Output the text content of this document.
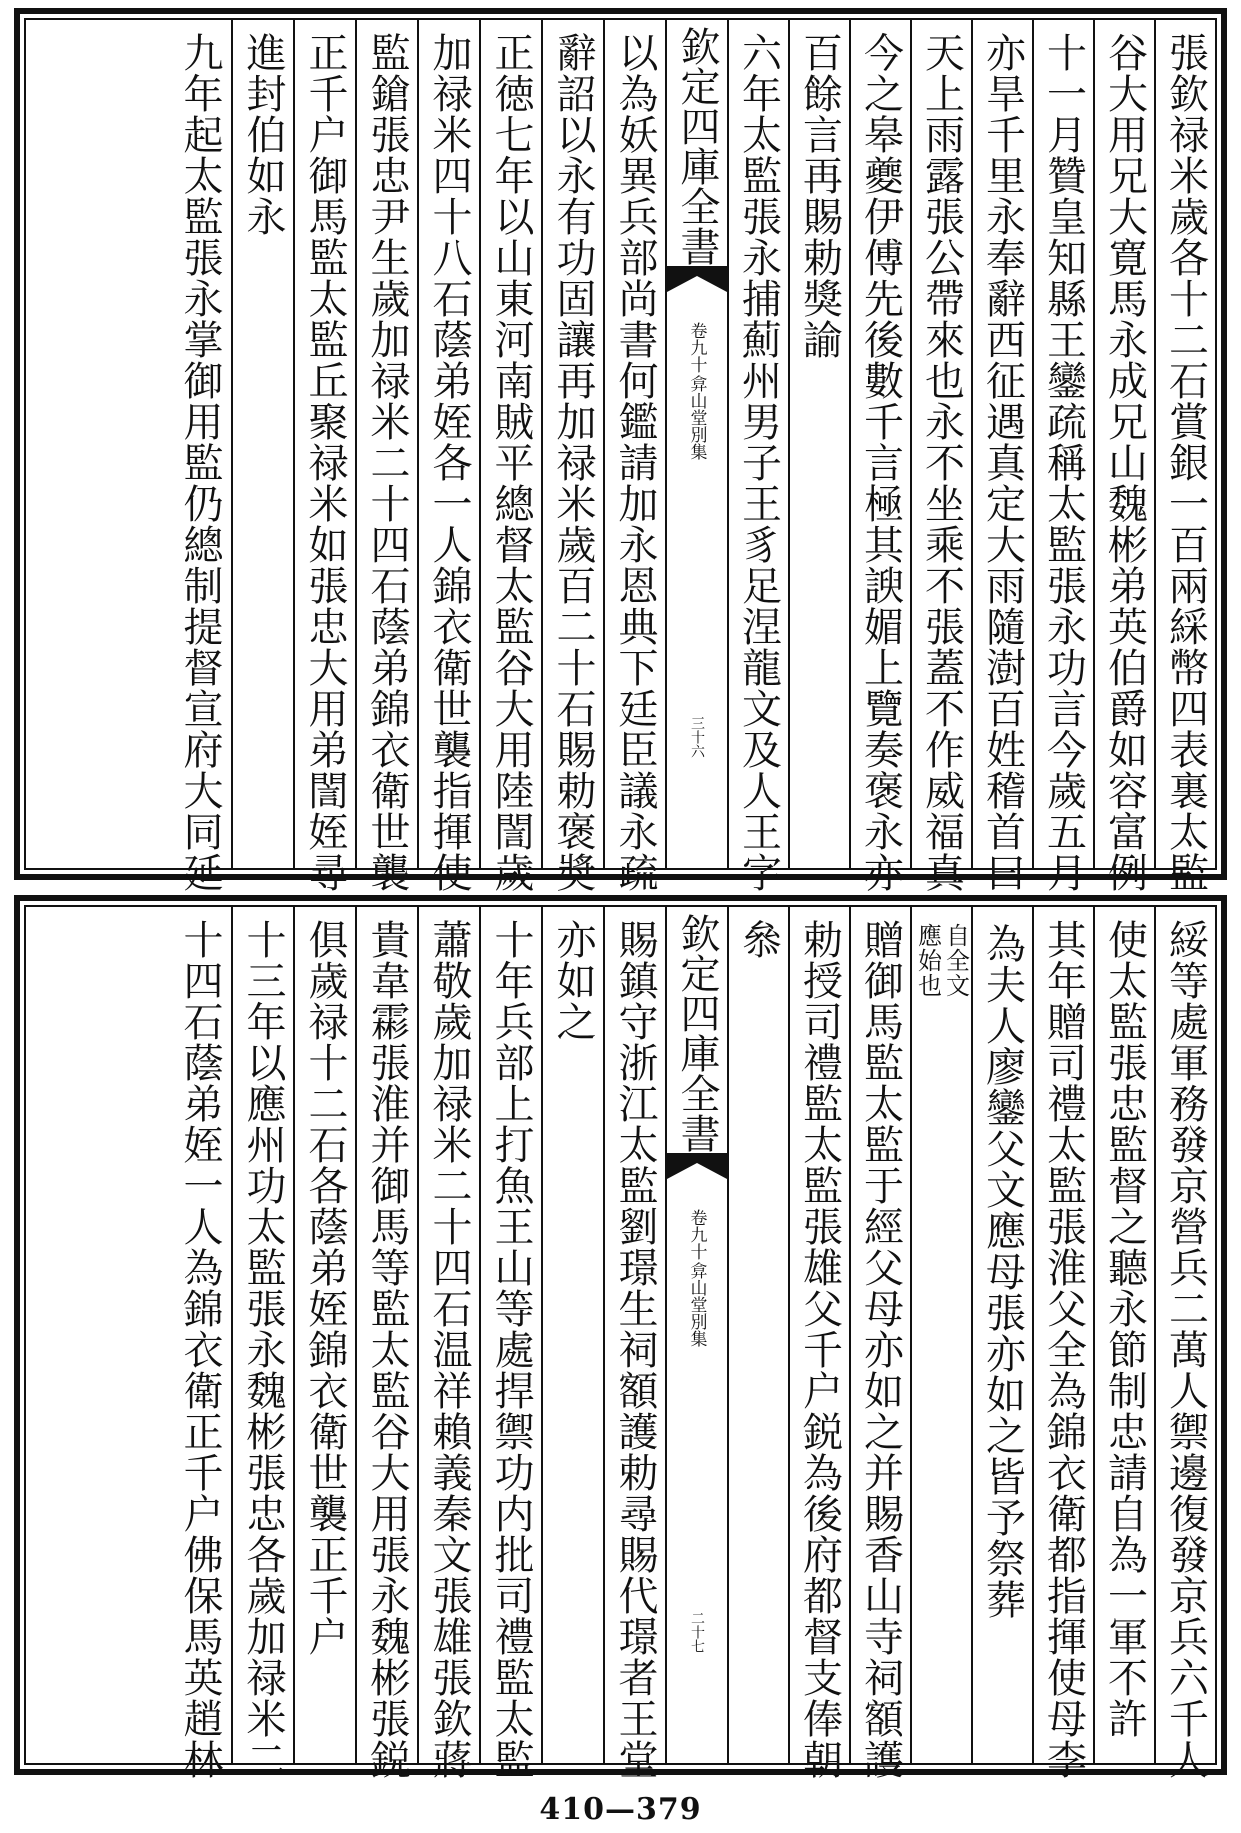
張欽禄米歲各十二石賞銀一百兩綵幣四表裏太監
谷大用兄大寛馬永成兄山魏彬弟英伯爵如容富例
十一月贊皇知縣王鑾疏稱太監張永功言今歲五月
亦旱千里永奉辭西征遇真定大雨隨澍百姓稽首曰
天上雨露張公帶來也永不坐乘不張蓋不作威福真
今之皋夔伊傅先後數千言極其諛媚上覽奏褒永亦
百餘言再賜勅獎諭
六年太監張永捕薊州男子王豸足涅龍文及人王字
欽定四庫全書
弇山堂別集
卷九十
三十六
以為妖異兵部尚書何鑑請加永恩典下廷臣議永疏
辭詔以永有功固讓再加禄米歲百二十石賜勅褒奬
正徳七年以山東河南賊平總督太監谷大用陸誾歲
加禄米四十八石蔭弟姪各一人錦衣衛世襲指揮使
監鎗張忠尹生歲加禄米二十四石蔭弟錦衣衛世襲
正千户御馬監太監丘聚禄米如張忠大用弟誾姪尋
進封伯如永
九年起太監張永掌御用監仍總制提督宣府大同延
綏等處軍務發京營兵二萬人禦邊復發京兵六千人
使太監張忠監督之聽永節制忠請自為一軍不許
其年贈司禮太監張淮父全為錦衣衛都指揮使母李
為夫人廖鑾父文應母張亦如之皆予祭葬
自全文
應始也
贈御馬監太監于經父母亦如之并賜香山寺祠額護
勅授司禮監太監張雄父千户鋭為後府都督支俸朝
叅
欽定四庫全書
弇山堂別集
卷九十
二十七
賜鎮守浙江太監劉璟生祠額護勅尋賜代璟者王堂
亦如之
十年兵部上打魚王山等處捍禦功内批司禮監太監
蕭敬歲加禄米二十四石温祥賴義秦文張雄張欽蔣
貴韋霦張淮并御馬等監太監谷大用張永魏彬張鋭
俱歲禄十二石各蔭弟姪錦衣衛世襲正千户
十三年以應州功太監張永魏彬張忠各歲加禄米二
十四石蔭弟姪一人為錦衣衛正千户佛保馬英趙林
410—379
